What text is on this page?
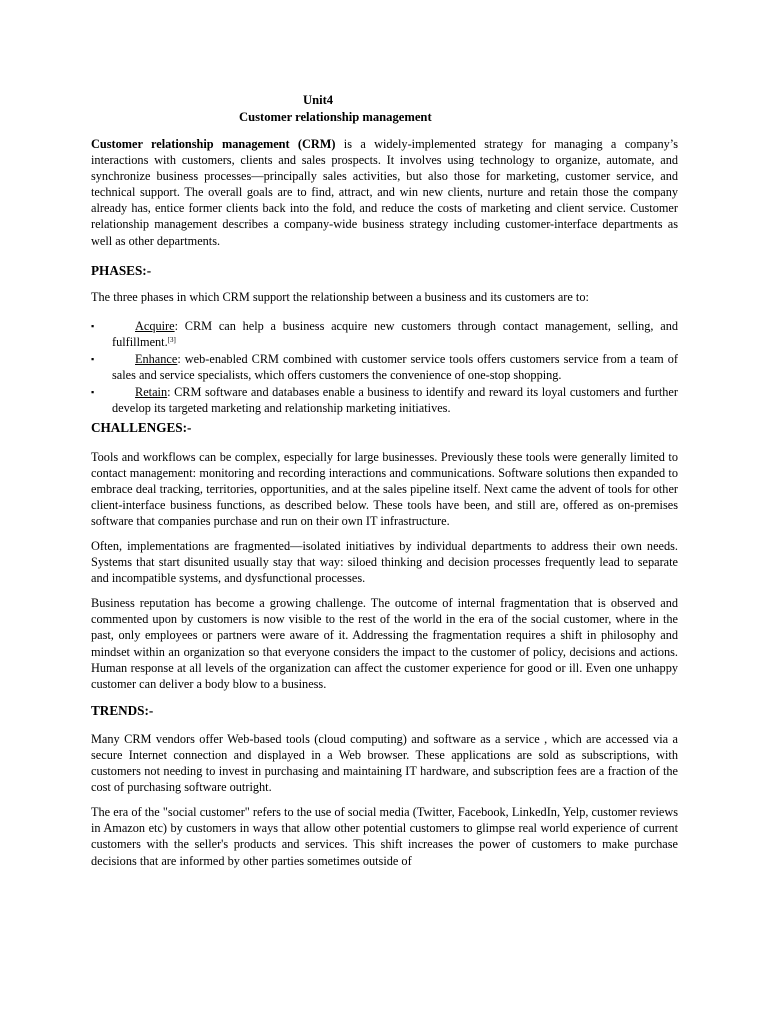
Unit4
Customer relationship management

Customer relationship management (CRM) is a widely-implemented strategy for managing a company’s interactions with customers, clients and sales prospects. It involves using technology to organize, automate, and synchronize business processes—principally sales activities, but also those for marketing, customer service, and technical support. The overall goals are to find, attract, and win new clients, nurture and retain those the company already has, entice former clients back into the fold, and reduce the costs of marketing and client service. Customer relationship management describes a company-wide business strategy including customer-interface departments as well as other departments.

PHASES:-

The three phases in which CRM support the relationship between a business and its customers are to:

▪	Acquire: CRM can help a business acquire new customers through contact management, selling, and fulfillment.[3]
▪	Enhance: web-enabled CRM combined with customer service tools offers customers service from a team of sales and service specialists, which offers customers the convenience of one-stop shopping.
▪	Retain: CRM software and databases enable a business to identify and reward its loyal customers and further develop its targeted marketing and relationship marketing initiatives.

CHALLENGES:-

Tools and workflows can be complex, especially for large businesses. Previously these tools were generally limited to contact management: monitoring and recording interactions and communications. Software solutions then expanded to embrace deal tracking, territories, opportunities, and at the sales pipeline itself. Next came the advent of tools for other client-interface business functions, as described below. These tools have been, and still are, offered as on-premises software that companies purchase and run on their own IT infrastructure.

Often, implementations are fragmented—isolated initiatives by individual departments to address their own needs. Systems that start disunited usually stay that way: siloed thinking and decision processes frequently lead to separate and incompatible systems, and dysfunctional processes.

Business reputation has become a growing challenge. The outcome of internal fragmentation that is observed and commented upon by customers is now visible to the rest of the world in the era of the social customer, where in the past, only employees or partners were aware of it. Addressing the fragmentation requires a shift in philosophy and mindset within an organization so that everyone considers the impact to the customer of policy, decisions and actions. Human response at all levels of the organization can affect the customer experience for good or ill. Even one unhappy customer can deliver a body blow to a business.

TRENDS:-

Many CRM vendors offer Web-based tools (cloud computing) and software as a service , which are accessed via a secure Internet connection and displayed in a Web browser. These applications are sold as subscriptions, with customers not needing to invest in purchasing and maintaining IT hardware, and subscription fees are a fraction of the cost of purchasing software outright.

The era of the "social customer" refers to the use of social media (Twitter, Facebook, LinkedIn, Yelp, customer reviews in Amazon etc) by customers in ways that allow other potential customers to glimpse real world experience of current customers with the seller's products and services. This shift increases the power of customers to make purchase decisions that are informed by other parties sometimes outside of
